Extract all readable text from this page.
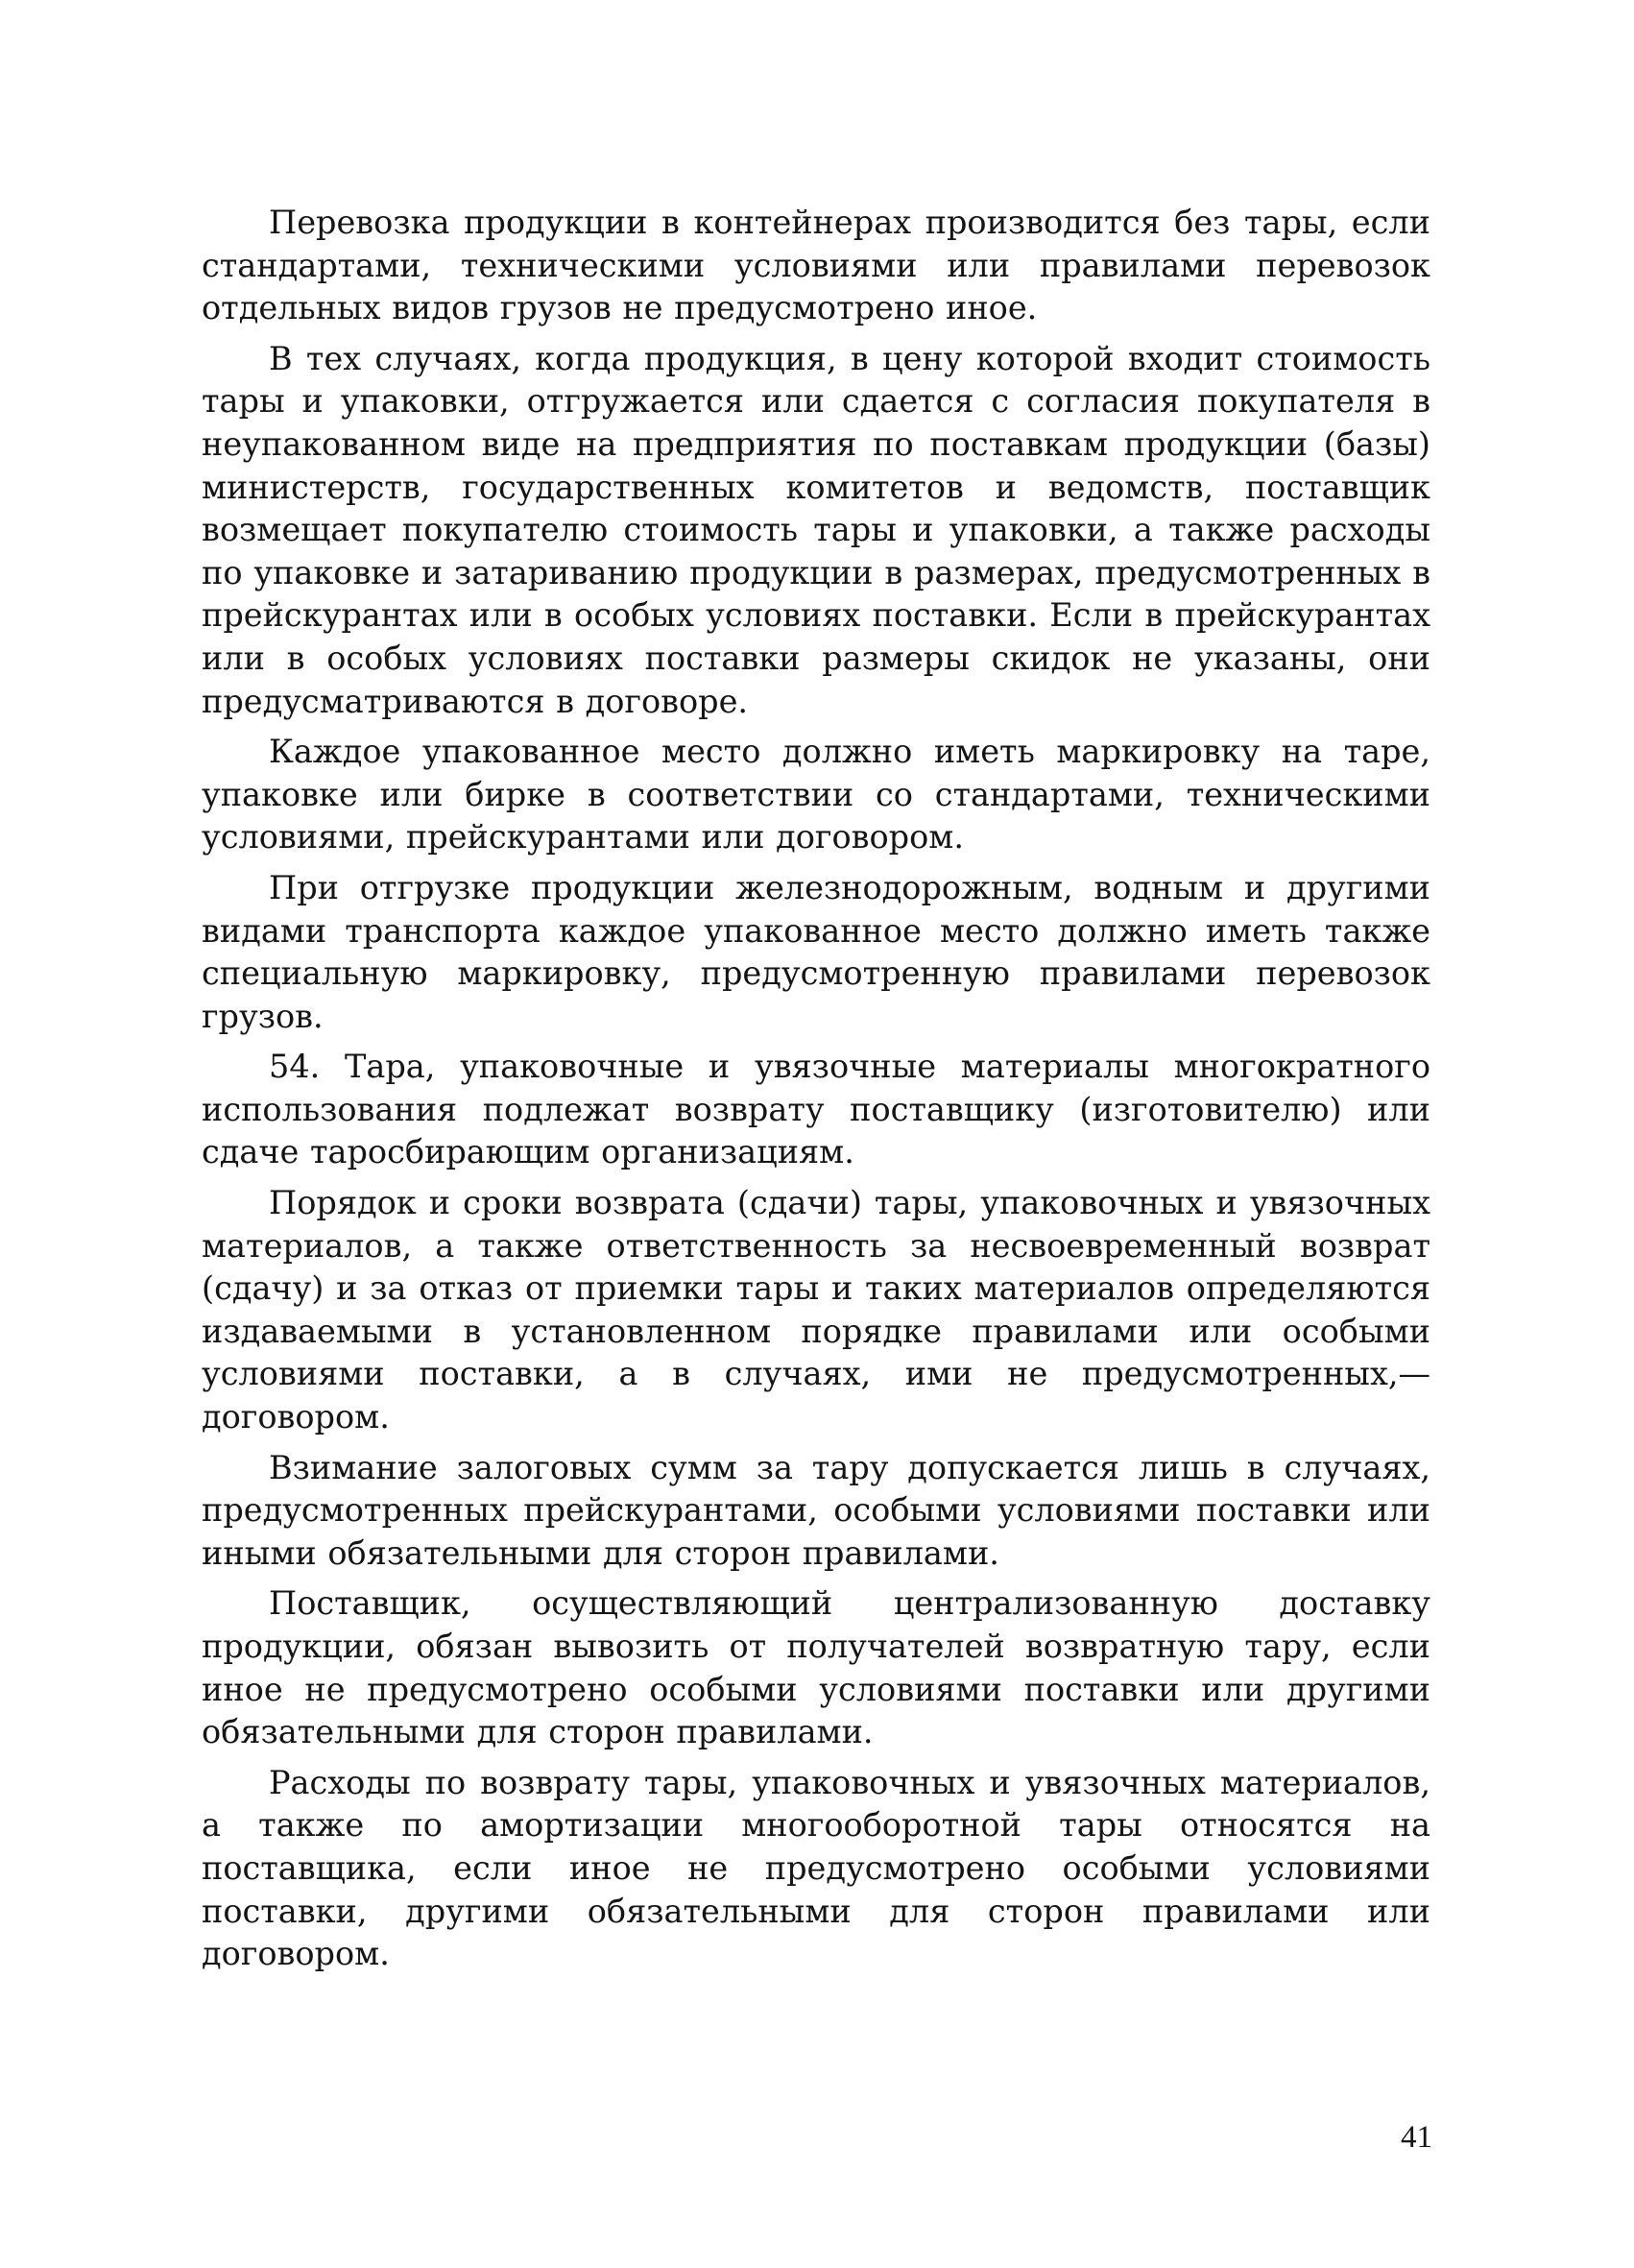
Перевозка продукции в контейнерах производится без тары, если стандартами, техническими условиями или правилами перевозок отдельных видов грузов не предусмотрено иное.

В тех случаях, когда продукция, в цену которой входит стоимость тары и упаковки, отгружается или сдается с согласия покупателя в неупакованном виде на предприятия по поставкам продукции (базы) министерств, государственных комитетов и ведомств, поставщик возмещает покупателю стоимость тары и упаковки, а также расходы по упаковке и затариванию продукции в размерах, предусмотренных в прейскурантах или в особых условиях поставки. Если в прейскурантах или в особых условиях поставки размеры скидок не указаны, они предусматриваются в договоре.

Каждое упакованное место должно иметь маркировку на таре, упаковке или бирке в соответствии со стандартами, техническими условиями, прейскурантами или договором.

При отгрузке продукции железнодорожным, водным и другими видами транспорта каждое упакованное место должно иметь также специальную маркировку, предусмотренную правилами перевозок грузов.

54. Тара, упаковочные и увязочные материалы многократного использования подлежат возврату поставщику (изготовителю) или сдаче таросбирающим организациям.

Порядок и сроки возврата (сдачи) тары, упаковочных и увязочных материалов, а также ответственность за несвоевременный возврат (сдачу) и за отказ от приемки тары и таких материалов определяются издаваемыми в установленном порядке правилами или особыми условиями поставки, а в случаях, ими не предусмотренных,— договором.

Взимание залоговых сумм за тару допускается лишь в случаях, предусмотренных прейскурантами, особыми условиями поставки или иными обязательными для сторон правилами.

Поставщик, осуществляющий централизованную доставку продукции, обязан вывозить от получателей возвратную тару, если иное не предусмотрено особыми условиями поставки или другими обязательными для сторон правилами.

Расходы по возврату тары, упаковочных и увязочных материалов, а также по амортизации многооборотной тары относятся на поставщика, если иное не предусмотрено особыми условиями поставки, другими обязательными для сторон правилами или договором.

41
